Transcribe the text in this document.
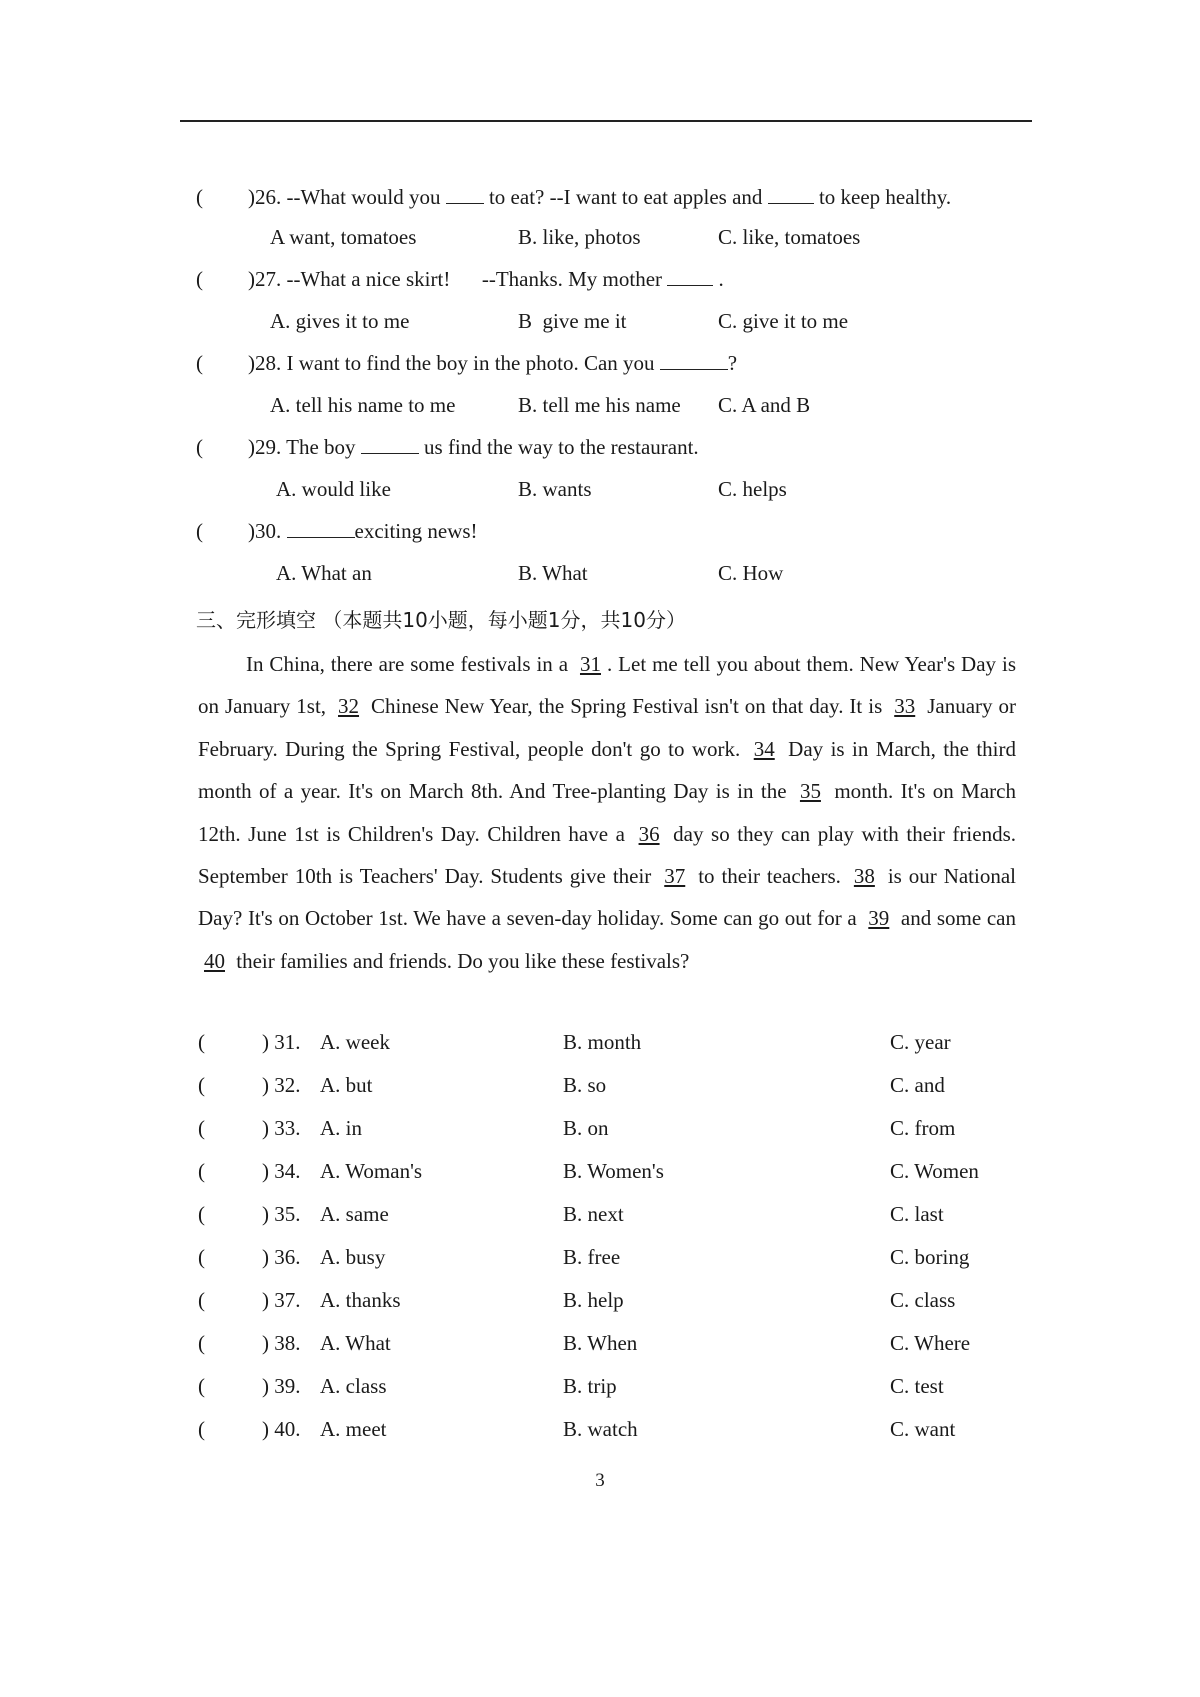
( )26. --What would you  to eat? --I want to eat apples and  to keep healthy.
A want, tomatoes	B. like, photos	C. like, tomatoes
( )27. --What a nice skirt!      --Thanks. My mother  .
A. gives it to me	B  give me it	C. give it to me
( )28. I want to find the boy in the photo. Can you	?
A. tell his name to me	B. tell me his name C. A and B
( )29. The boy	us find the way to the restaurant.
A. would like	B. wants	C. helps
( )30.	exciting news!
A. What an	B. What	C. How
三、完形填空 （本题共10小题，每小题1分，共10分）
In China, there are some festivals in a 31 . Let me tell you about them. New Year's Day is on January 1st, 32 Chinese New Year, the Spring Festival isn't on that day. It is 33 January or February. During the Spring Festival, people don't go to work. 34 Day is in March, the third month of a year. It's on March 8th. And Tree-planting Day is in the 35 month. It's on March 12th. June 1st is Children's Day. Children have a 36 day so they can play with their friends. September 10th is Teachers' Day. Students give their 37 to their teachers. 38 is our National Day? It's on October 1st. We have a seven-day holiday. Some can go out for a 39 and some can 40 their families and friends. Do you like these festivals?
(	) 31. A. week	B. month	C. year
(	) 32. A. but	B. so	C. and
(	) 33. A. in	B. on	C. from
(	) 34. A. Woman's	B. Women's	C. Women
(	) 35. A. same	B. next	C. last
(	) 36. A. busy	B. free	C. boring
(	) 37. A. thanks	B. help	C. class
(	) 38. A. What	B. When	C. Where
(	) 39. A. class	B. trip	C. test
(	) 40. A. meet	B. watch	C. want
3
